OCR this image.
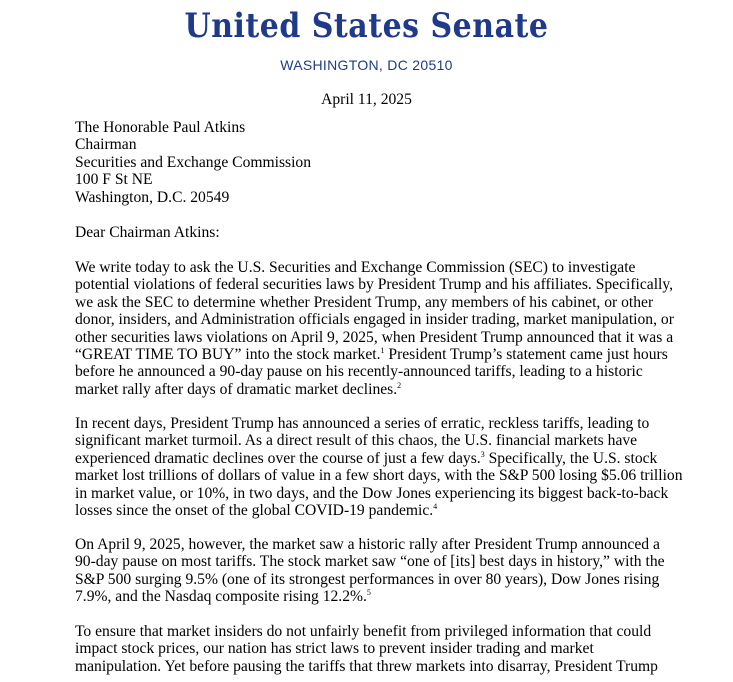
United States Senate
WASHINGTON, DC 20510
April 11, 2025
The Honorable Paul Atkins
Chairman
Securities and Exchange Commission
100 F St NE
Washington, D.C. 20549
Dear Chairman Atkins:
We write today to ask the U.S. Securities and Exchange Commission (SEC) to investigate
potential violations of federal securities laws by President Trump and his affiliates. Specifically,
we ask the SEC to determine whether President Trump, any members of his cabinet, or other
donor, insiders, and Administration officials engaged in insider trading, market manipulation, or
other securities laws violations on April 9, 2025, when President Trump announced that it was a
“GREAT TIME TO BUY” into the stock market.$^1$ President Trump’s statement came just hours
before he announced a 90-day pause on his recently-announced tariffs, leading to a historic
market rally after days of dramatic market declines.$^2$
In recent days, President Trump has announced a series of erratic, reckless tariffs, leading to
significant market turmoil. As a direct result of this chaos, the U.S. financial markets have
experienced dramatic declines over the course of just a few days.$^3$ Specifically, the U.S. stock
market lost trillions of dollars of value in a few short days, with the S&P 500 losing $5.06 trillion
in market value, or 10%, in two days, and the Dow Jones experiencing its biggest back-to-back
losses since the onset of the global COVID-19 pandemic.$^4$
On April 9, 2025, however, the market saw a historic rally after President Trump announced a
90-day pause on most tariffs. The stock market saw “one of [its] best days in history,” with the
S&P 500 surging 9.5% (one of its strongest performances in over 80 years), Dow Jones rising
7.9%, and the Nasdaq composite rising 12.2%.$^5$
To ensure that market insiders do not unfairly benefit from privileged information that could
impact stock prices, our nation has strict laws to prevent insider trading and market
manipulation. Yet before pausing the tariffs that threw markets into disarray, President Trump
